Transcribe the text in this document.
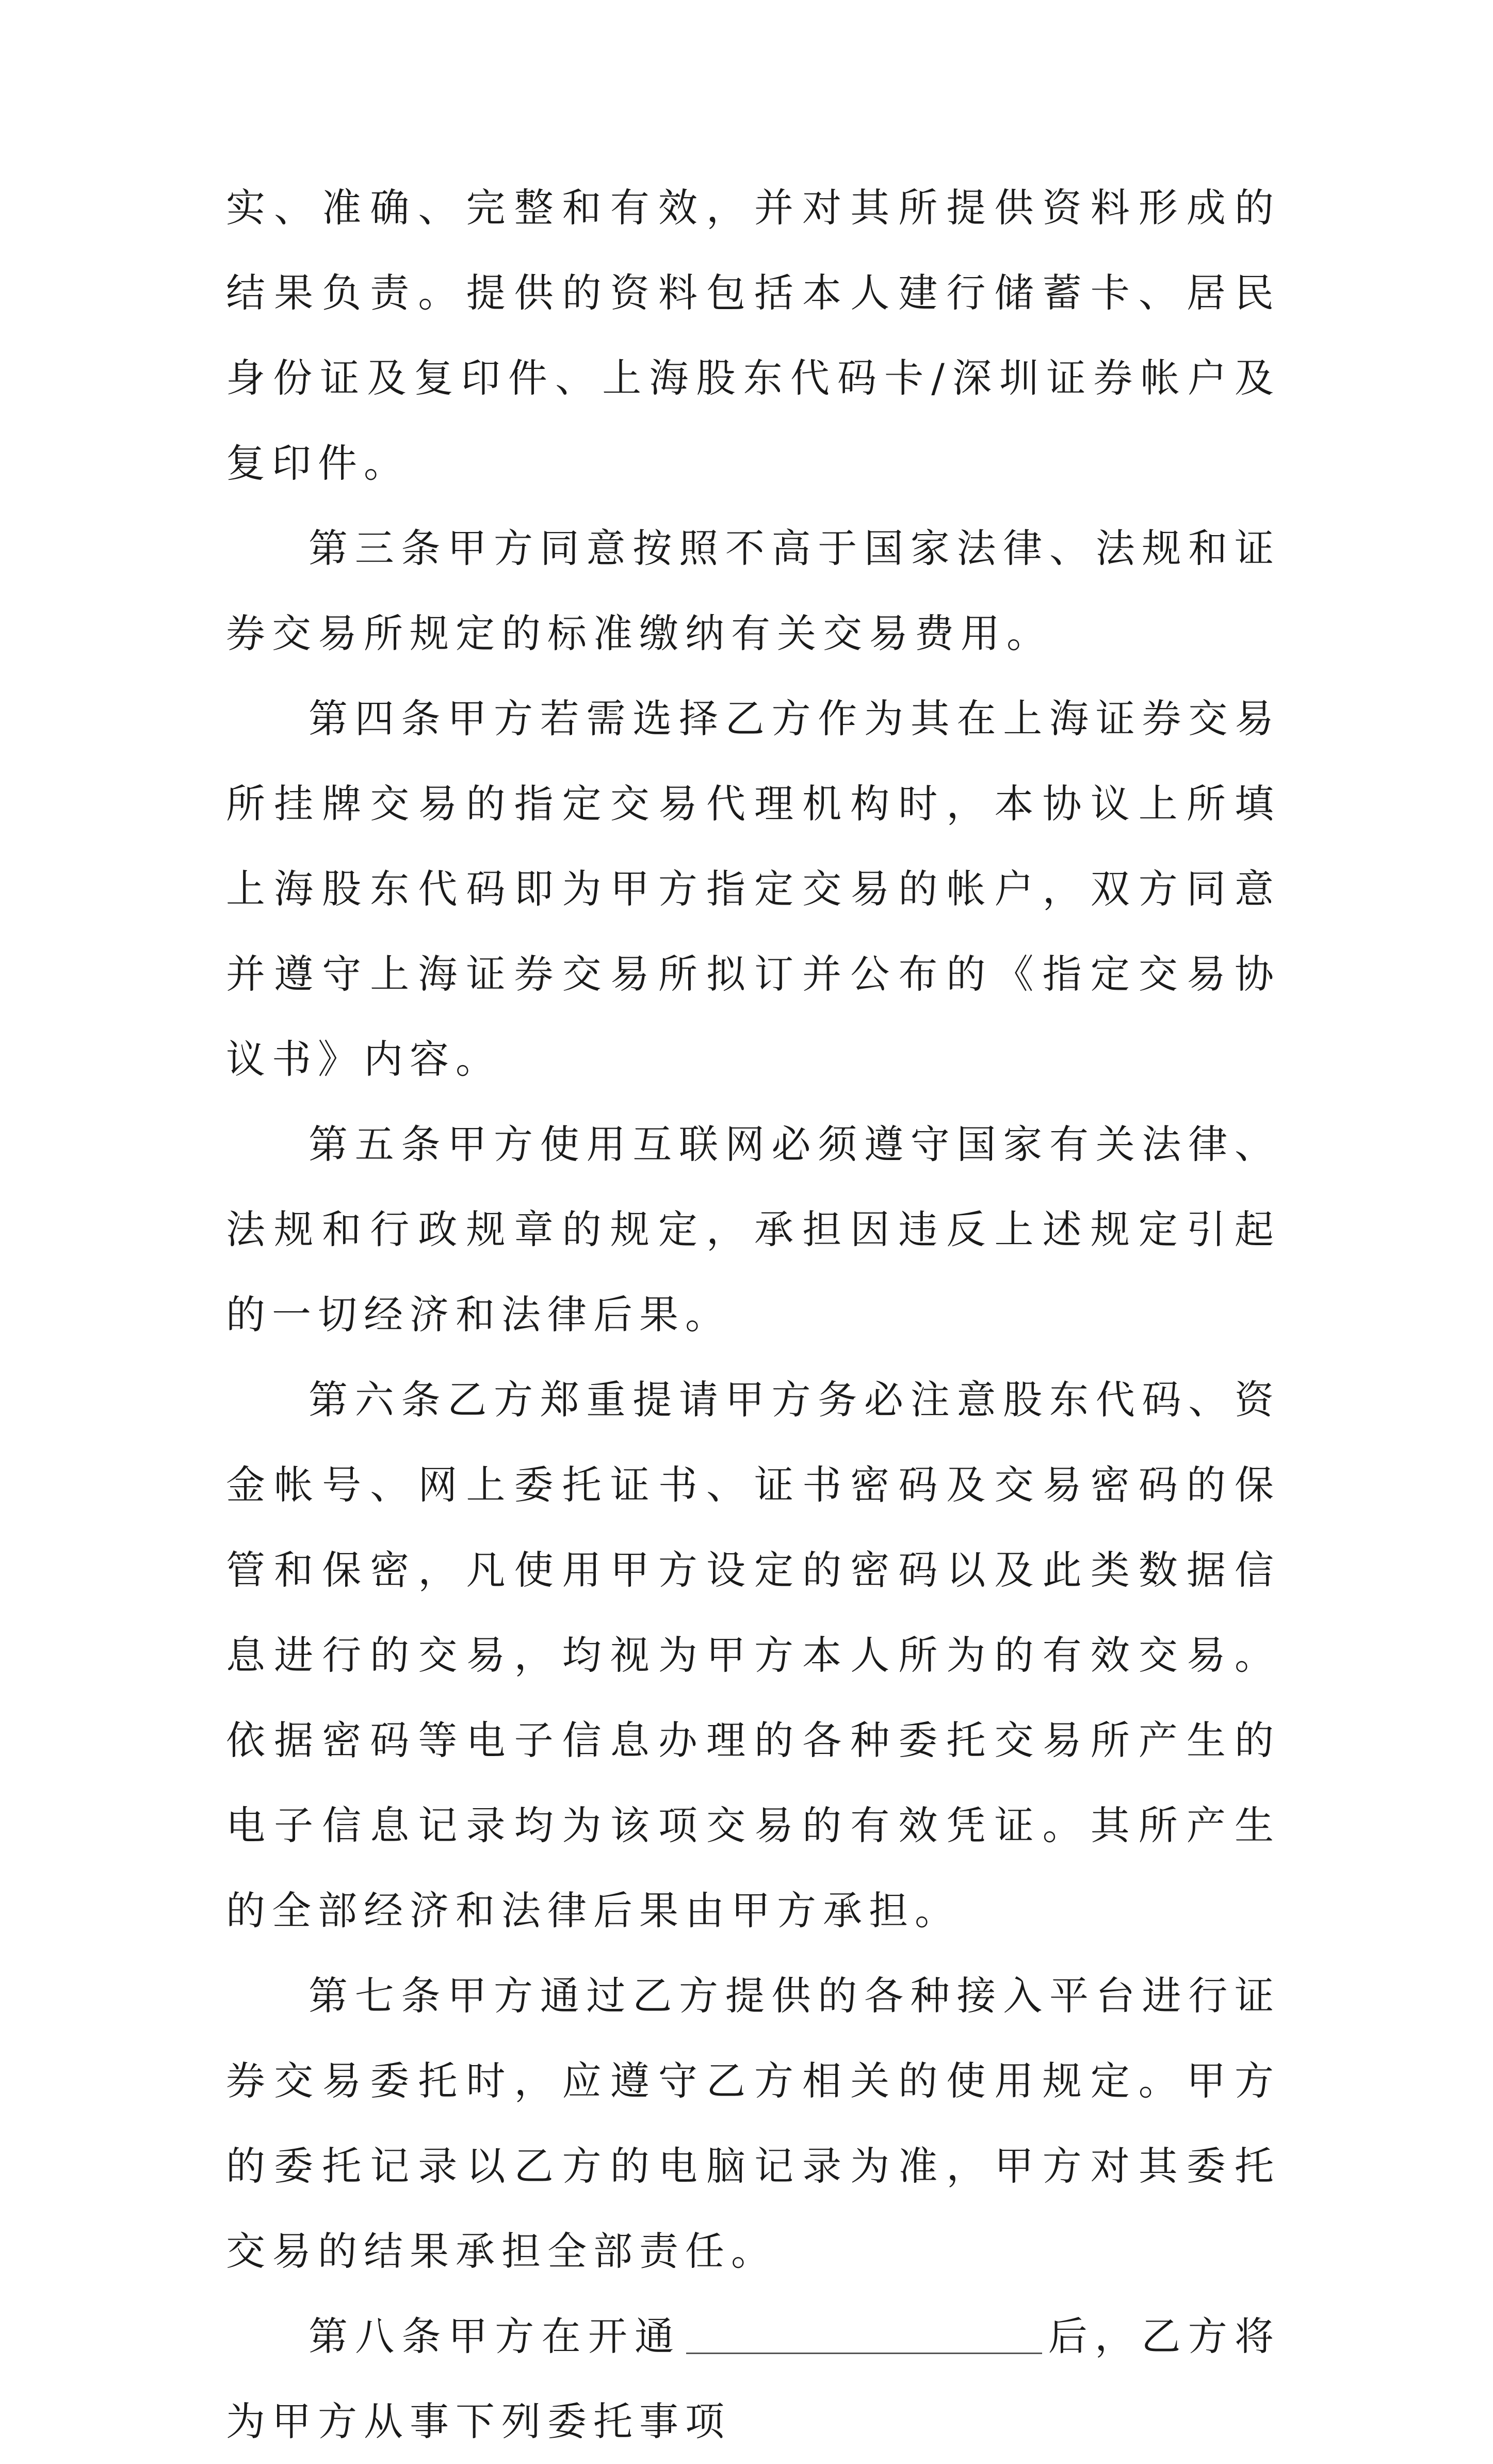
实、准确、完整和有效，并对其所提供资料形成的结果负责。提供的资料包括本人建行储蓄卡、居民身份证及复印件、上海股东代码卡/深圳证券帐户及复印件。

第三条甲方同意按照不高于国家法律、法规和证券交易所规定的标准缴纳有关交易费用。

第四条甲方若需选择乙方作为其在上海证券交易所挂牌交易的指定交易代理机构时，本协议上所填上海股东代码即为甲方指定交易的帐户，双方同意并遵守上海证券交易所拟订并公布的《指定交易协议书》内容。

第五条甲方使用互联网必须遵守国家有关法律、法规和行政规章的规定，承担因违反上述规定引起的一切经济和法律后果。

第六条乙方郑重提请甲方务必注意股东代码、资金帐号、网上委托证书、证书密码及交易密码的保管和保密，凡使用甲方设定的密码以及此类数据信息进行的交易，均视为甲方本人所为的有效交易。依据密码等电子信息办理的各种委托交易所产生的电子信息记录均为该项交易的有效凭证。其所产生的全部经济和法律后果由甲方承担。

第七条甲方通过乙方提供的各种接入平台进行证券交易委托时，应遵守乙方相关的使用规定。甲方的委托记录以乙方的电脑记录为准，甲方对其委托交易的结果承担全部责任。

第八条甲方在开通	后，乙方将为甲方从事下列委托事项
